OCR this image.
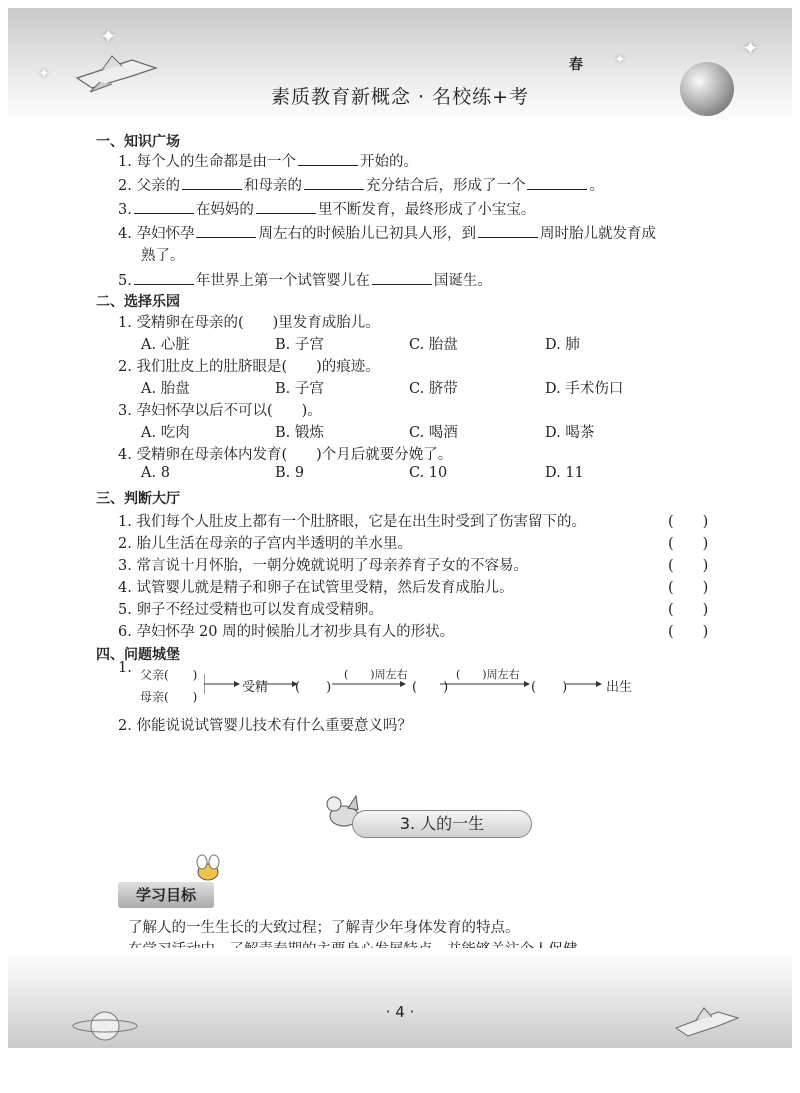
✦
✦
✦	✦
春
素质教育新概念 · 名校练+考
一、知识广场
1. 每个人的生命都是由一个	开始的。
2. 父亲的	和母亲的	充分结合后，形成了一个	。
3.	在妈妈的	里不断发育，最终形成了小宝宝。
4. 孕妇怀孕	周左右的时候胎儿已初具人形，到	周时胎儿就发育成
熟了。
5.	年世界上第一个试管婴儿在	国诞生。
二、选择乐园
1. 受精卵在母亲的(　　)里发育成胎儿。
A. 心脏	B. 子宫	C. 胎盘	D. 肺
2. 我们肚皮上的肚脐眼是(　　)的痕迹。
A. 胎盘	B. 子宫	C. 脐带	D. 手术伤口
3. 孕妇怀孕以后不可以(　　)。
A. 吃肉	B. 锻炼	C. 喝酒	D. 喝茶
4. 受精卵在母亲体内发育(　　)个月后就要分娩了。
A. 8	B. 9	C. 10	D. 11
三、判断大厅
1. 我们每个人肚皮上都有一个肚脐眼，它是在出生时受到了伤害留下的。	(　　)
2. 胎儿生活在母亲的子宫内半透明的羊水里。	(　　)
3. 常言说十月怀胎，一朝分娩就说明了母亲养育子女的不容易。	(　　)
4. 试管婴儿就是精子和卵子在试管里受精，然后发育成胎儿。	(　　)
5. 卵子不经过受精也可以发育成受精卵。	(　　)
6. 孕妇怀孕 20 周的时候胎儿才初步具有人的形状。	(　　)
四、问题城堡
1. 父亲(　　)
母亲(　　)
受精 (　　)
(　　)周左右
(　　)
(　　)周左右
(　　)	出生
2. 你能说说试管婴儿技术有什么重要意义吗？
3. 人的一生
学习目标
了解人的一生生长的大致过程；了解青少年身体发育的特点。
· 4 ·
